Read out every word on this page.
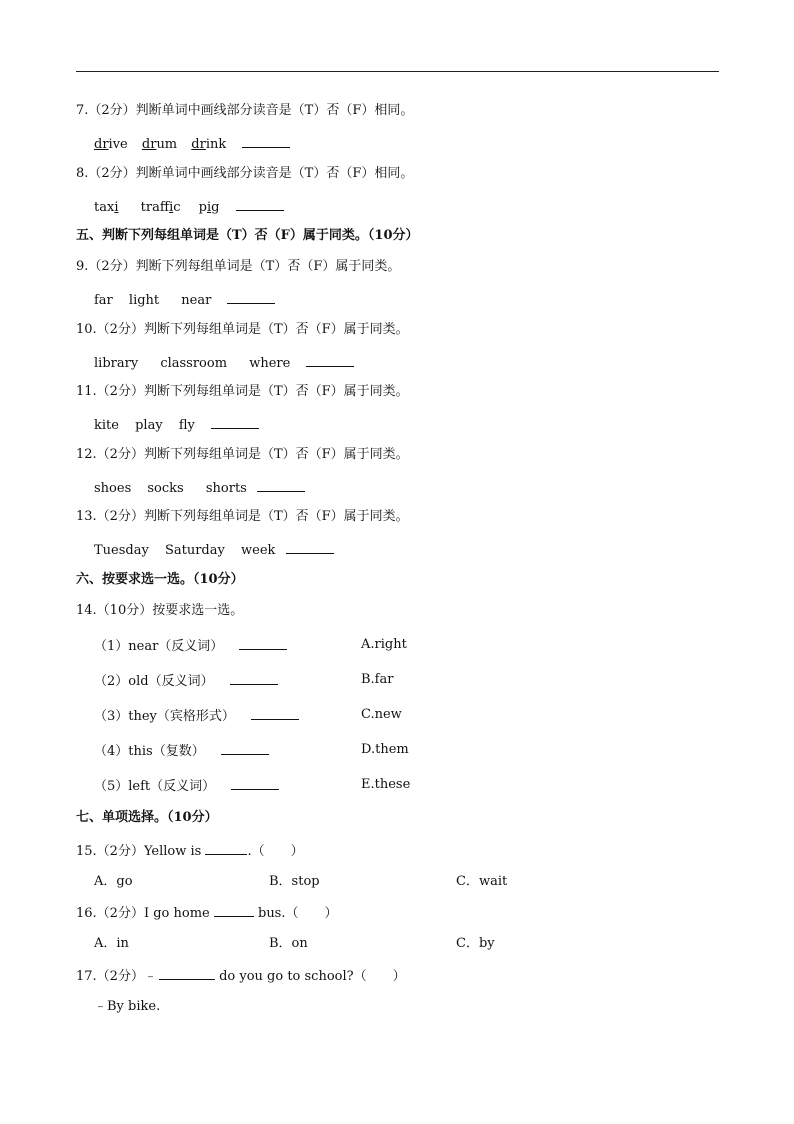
7.（2分）判断单词中画线部分读音是（T）否（F）相同。
drive drum drink
8.（2分）判断单词中画线部分读音是（T）否（F）相同。
taxi traffic pig
五、判断下列每组单词是（T）否（F）属于同类。（10分）
9.（2分）判断下列每组单词是（T）否（F）属于同类。
far light near
10.（2分）判断下列每组单词是（T）否（F）属于同类。
library classroom where
11.（2分）判断下列每组单词是（T）否（F）属于同类。
kite play fly
12.（2分）判断下列每组单词是（T）否（F）属于同类。
shoes socks shorts
13.（2分）判断下列每组单词是（T）否（F）属于同类。
Tuesday Saturday week
六、按要求选一选。（10分）
14.（10分）按要求选一选。
（1）near（反义词）	A.right
（2）old（反义词）	B.far
（3）they（宾格形式）	C.new
（4）this（复数）	D.them
（5）left（反义词）	E.these
七、单项选择。（10分）
15.（2分）Yellow is	.（　　）
A．go	B．stop	C．wait
16.（2分）I go home	bus.（　　）
A．in	B．on	C．by
17.（2分）﹣	do you go to school?（　　）
﹣By bike.
